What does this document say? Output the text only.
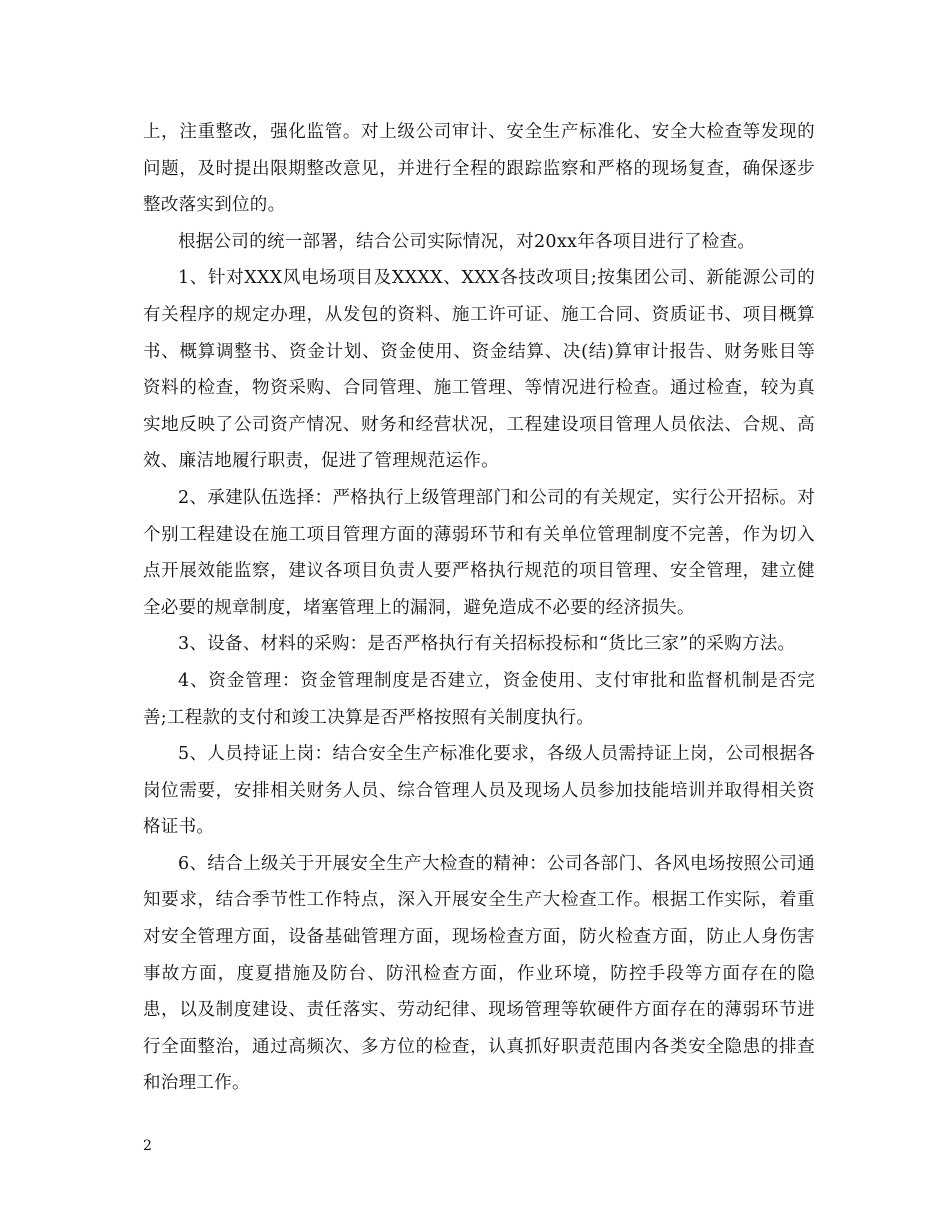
上，注重整改，强化监管。对上级公司审计、安全生产标准化、安全大检查等发现的问题，及时提出限期整改意见，并进行全程的跟踪监察和严格的现场复查，确保逐步整改落实到位的。

根据公司的统一部署，结合公司实际情况，对20xx年各项目进行了检查。

1、针对XXX风电场项目及XXXX、XXX各技改项目;按集团公司、新能源公司的有关程序的规定办理，从发包的资料、施工许可证、施工合同、资质证书、项目概算书、概算调整书、资金计划、资金使用、资金结算、决(结)算审计报告、财务账目等资料的检查，物资采购、合同管理、施工管理、等情况进行检查。通过检查，较为真实地反映了公司资产情况、财务和经营状况，工程建设项目管理人员依法、合规、高效、廉洁地履行职责，促进了管理规范运作。

2、承建队伍选择：严格执行上级管理部门和公司的有关规定，实行公开招标。对个别工程建设在施工项目管理方面的薄弱环节和有关单位管理制度不完善，作为切入点开展效能监察，建议各项目负责人要严格执行规范的项目管理、安全管理，建立健全必要的规章制度，堵塞管理上的漏洞，避免造成不必要的经济损失。

3、设备、材料的采购：是否严格执行有关招标投标和“货比三家”的采购方法。

4、资金管理：资金管理制度是否建立，资金使用、支付审批和监督机制是否完善;工程款的支付和竣工决算是否严格按照有关制度执行。

5、人员持证上岗：结合安全生产标准化要求，各级人员需持证上岗，公司根据各岗位需要，安排相关财务人员、综合管理人员及现场人员参加技能培训并取得相关资格证书。

6、结合上级关于开展安全生产大检查的精神：公司各部门、各风电场按照公司通知要求，结合季节性工作特点，深入开展安全生产大检查工作。根据工作实际，着重对安全管理方面，设备基础管理方面，现场检查方面，防火检查方面，防止人身伤害事故方面，度夏措施及防台、防汛检查方面，作业环境，防控手段等方面存在的隐患，以及制度建设、责任落实、劳动纪律、现场管理等软硬件方面存在的薄弱环节进行全面整治，通过高频次、多方位的检查，认真抓好职责范围内各类安全隐患的排查和治理工作。

2
